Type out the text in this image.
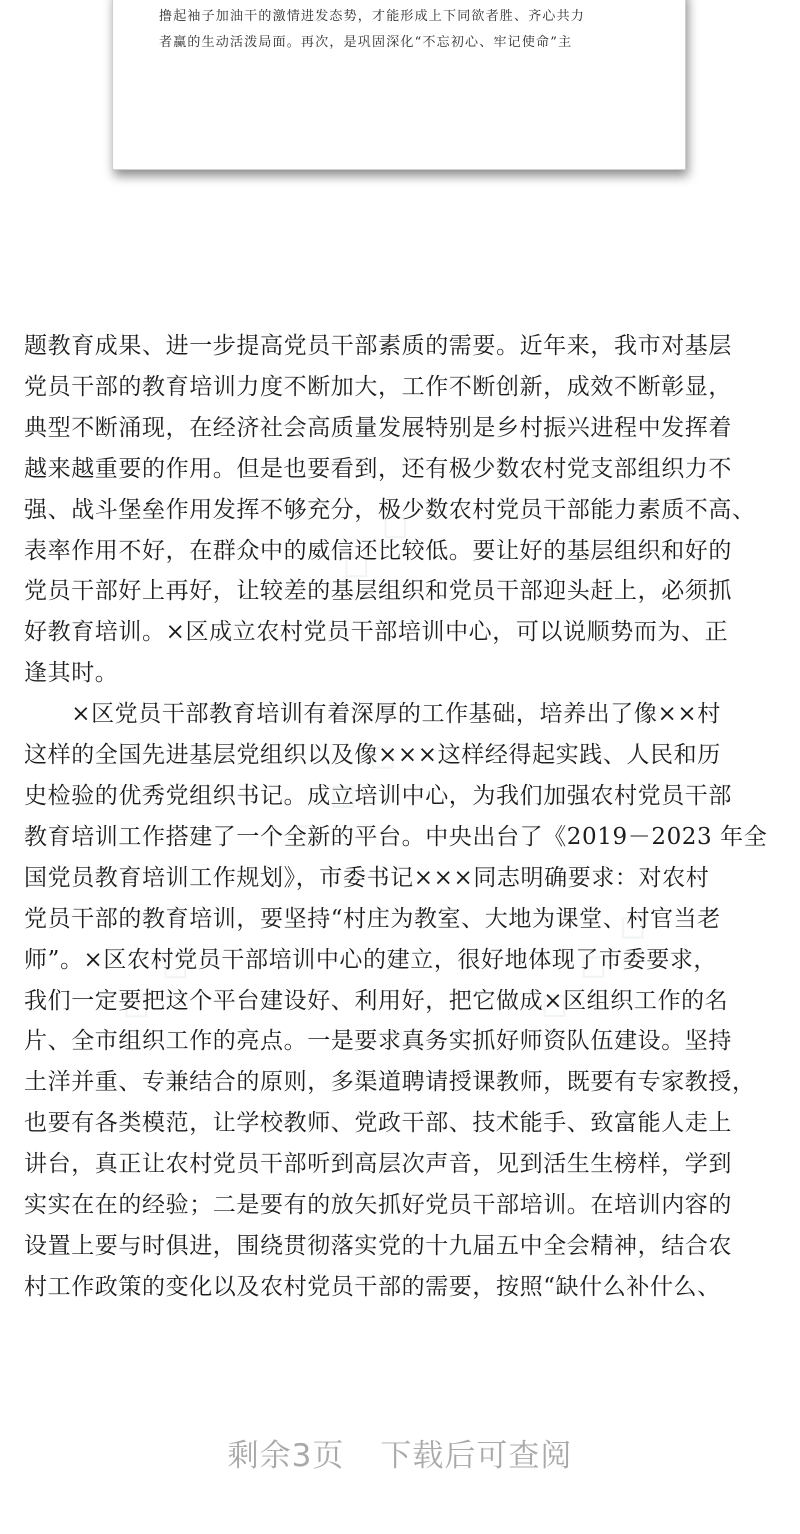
撸起袖子加油干的激情进发态势，才能形成上下同欲者胜、齐心共力
者赢的生动活泼局面。再次，是巩固深化“不忘初心、牢记使命”主
◇ ◇ ◇
◇ ◇ ◇
◇ ◇
◇ ◇
题教育成果、进一步提高党员干部素质的需要。近年来，我市对基层
党员干部的教育培训力度不断加大，工作不断创新，成效不断彰显，
典型不断涌现，在经济社会高质量发展特别是乡村振兴进程中发挥着
越来越重要的作用。但是也要看到，还有极少数农村党支部组织力不
强、战斗堡垒作用发挥不够充分，极少数农村党员干部能力素质不高、
表率作用不好，在群众中的威信还比较低。要让好的基层组织和好的
党员干部好上再好，让较差的基层组织和党员干部迎头赶上，必须抓
好教育培训。×区成立农村党员干部培训中心，可以说顺势而为、正
逢其时。
　　×区党员干部教育培训有着深厚的工作基础，培养出了像××村
这样的全国先进基层党组织以及像×××这样经得起实践、人民和历
史检验的优秀党组织书记。成立培训中心，为我们加强农村党员干部
教育培训工作搭建了一个全新的平台。中央出台了《2019－2023 年全
国党员教育培训工作规划》，市委书记×××同志明确要求：对农村
党员干部的教育培训，要坚持“村庄为教室、大地为课堂、村官当老
师”。×区农村党员干部培训中心的建立，很好地体现了市委要求，
我们一定要把这个平台建设好、利用好，把它做成×区组织工作的名
片、全市组织工作的亮点。一是要求真务实抓好师资队伍建设。坚持
土洋并重、专兼结合的原则，多渠道聘请授课教师，既要有专家教授，
也要有各类模范，让学校教师、党政干部、技术能手、致富能人走上
讲台，真正让农村党员干部听到高层次声音，见到活生生榜样，学到
实实在在的经验；二是要有的放矢抓好党员干部培训。在培训内容的
设置上要与时俱进，围绕贯彻落实党的十九届五中全会精神，结合农
村工作政策的变化以及农村党员干部的需要，按照“缺什么补什么、
剩余3页 下载后可查阅
